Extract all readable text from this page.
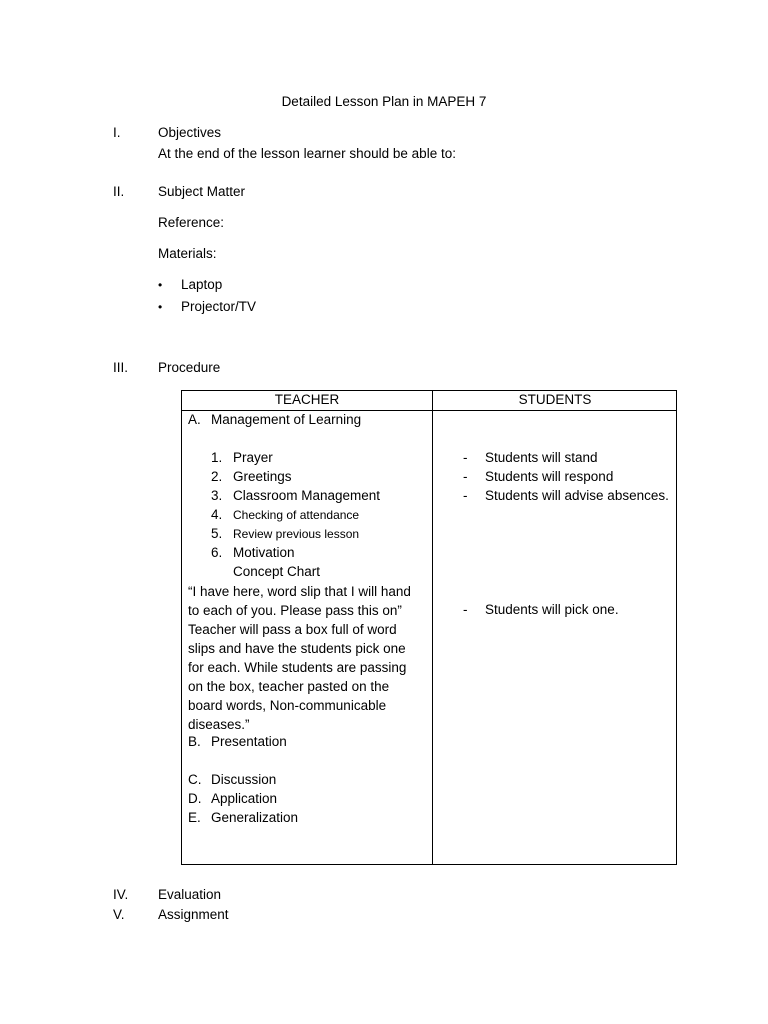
Detailed Lesson Plan in MAPEH 7
I.	Objectives
At the end of the lesson learner should be able to:
II. Subject Matter
Reference:
Materials:
• Laptop
• Projector/TV
III. Procedure
TEACHER	STUDENTS
A. Management of Learning
1. Prayer
2. Greetings
3. Classroom Management
4. Checking of attendance
5. Review previous lesson
6. Motivation
Concept Chart
“I have here, word slip that I will hand to each of you. Please pass this on” Teacher will pass a box full of word slips and have the students pick one for each. While students are passing on the box, teacher pasted on the board words, Non-communicable diseases.”
B. Presentation
C. Discussion
D. Application
E. Generalization
- Students will stand
- Students will respond
- Students will advise absences.
- Students will pick one.
IV. Evaluation
V. Assignment
